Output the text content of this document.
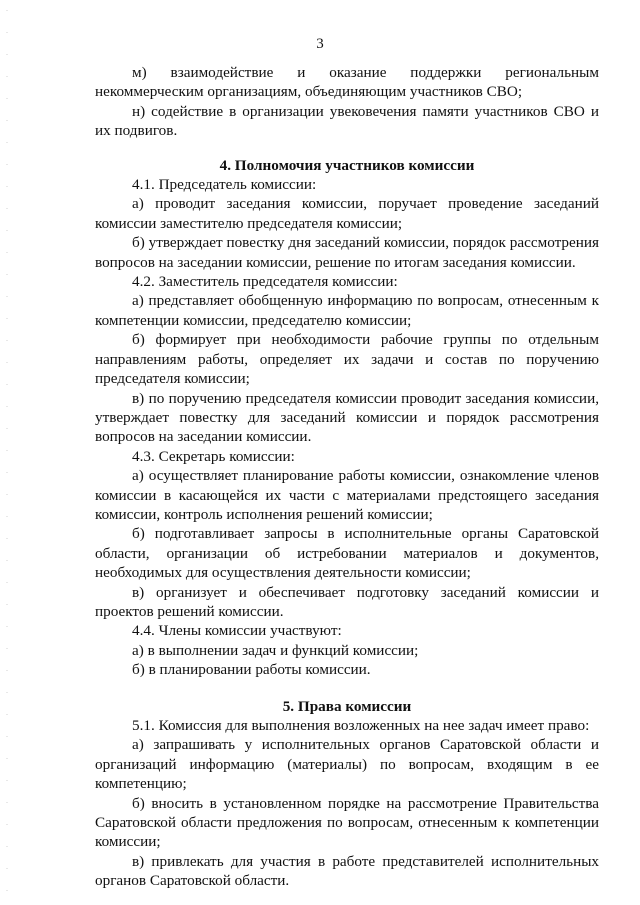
3

м) взаимодействие и оказание поддержки региональным некоммерческим организациям, объединяющим участников СВО;

н) содействие в организации увековечения памяти участников СВО и их подвигов.

4. Полномочия участников комиссии

4.1. Председатель комиссии:

а) проводит заседания комиссии, поручает проведение заседаний комиссии заместителю председателя комиссии;

б) утверждает повестку дня заседаний комиссии, порядок рассмотрения вопросов на заседании комиссии, решение по итогам заседания комиссии.

4.2. Заместитель председателя комиссии:

а) представляет обобщенную информацию по вопросам, отнесенным к компетенции комиссии, председателю комиссии;

б) формирует при необходимости рабочие группы по отдельным направлениям работы, определяет их задачи и состав по поручению председателя комиссии;

в) по поручению председателя комиссии проводит заседания комиссии, утверждает повестку для заседаний комиссии и порядок рассмотрения вопросов на заседании комиссии.

4.3. Секретарь комиссии:

а) осуществляет планирование работы комиссии, ознакомление членов комиссии в касающейся их части с материалами предстоящего заседания комиссии, контроль исполнения решений комиссии;

б) подготавливает запросы в исполнительные органы Саратовской области, организации об истребовании материалов и документов, необходимых для осуществления деятельности комиссии;

в) организует и обеспечивает подготовку заседаний комиссии и проектов решений комиссии.

4.4. Члены комиссии участвуют:

а) в выполнении задач и функций комиссии;

б) в планировании работы комиссии.

5. Права комиссии

5.1. Комиссия для выполнения возложенных на нее задач имеет право:

а) запрашивать у исполнительных органов Саратовской области и организаций информацию (материалы) по вопросам, входящим в ее компетенцию;

б) вносить в установленном порядке на рассмотрение Правительства Саратовской области предложения по вопросам, отнесенным к компетенции комиссии;

в) привлекать для участия в работе представителей исполнительных органов Саратовской области.
